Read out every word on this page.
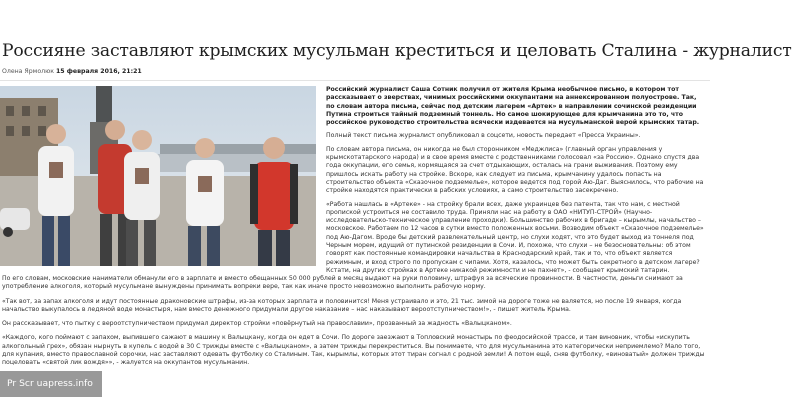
Россияне заставляют крымских мусульман креститься и целовать Сталина - журналист
Олена Ярмолюк 15 февраля 2016, 21:21

Российский журналист Саша Сотник получил от жителя Крыма необычное письмо, в котором тот рассказывает о зверствах, чинимых российскими оккупантами на аннексированном полуострове. Так, по словам автора письма, сейчас под детским лагерем «Артек» в направлении сочинской резиденции Путина строиться тайный подземный тоннель. Но самое шокирующее для крымчанина это то, что российское руководство строительства всячески издевается на мусульманской верой крымских татар.

Полный текст письма журналист опубликовал в соцсети, новость передает «Пресса Украины».

По словам автора письма, он никогда не был сторонником «Меджлиса» (главный орган управления у крымскотатарского народа) и в свое время вместе с родственниками голосовал «за Россию». Однако спустя два года оккупации, его семья, кормящаяся за счет отдыхающих, осталась на грани выживания. Поэтому ему пришлось искать работу на стройке. Вскоре, как следует из письма, крымчанину удалось попасть на строительство объекта «Сказочное подземелье», которое ведется под горой Аю-Даг. Выяснилось, что рабочие на стройке находятся практически в рабских условиях, а само строительство засекречено.

«Работа нашлась в «Артеке» - на стройку брали всех, даже украинцев без патента, так что нам, с местной пропиской устроиться не составило труда. Приняли нас на работу в ОАО «НИТУП-СТРОЙ» (Научно-исследовательско-техническое управление проходки). Большинство рабочих в бригаде – кырымлы, начальство – московское. Работаем по 12 часов в сутки вместо положенных восьми. Возводим объект «Сказочное подземелье» под Аю-Дагом. Вроде бы детский развлекательный центр, но слухи ходят, что это будет выход из тоннеля под Черным морем, идущий от путинской резиденции в Сочи. И, похоже, что слухи – не безосновательны: об этом говорят как постоянные командировки начальства в Краснодарский край, так и то, что объект является режимным, и вход строго по пропускам с чипами. Хотя, казалось, что может быть секретного в детском лагере? Кстати, на других стройках в Артеке никакой режимности и не пахнет», - сообщает крымский татарин.

По его словам, московские наниматели обманули его в зарплате и вместо обещанных 50 000 рублей в месяц выдают на руки половину, штрафуя за всяческие провинности. В частности, деньги снимают за употребление алкоголя, который мусульмане вынуждены принимать вопреки вере, так как иначе просто невозможно выполнить рабочую норму.

«Так вот, за запах алкоголя и идут постоянные драконовские штрафы, из-за которых зарплата и половинится! Меня устраивало и это, 21 тыс. зимой на дороге тоже не валяется, но после 19 января, когда начальство выкупалось в ледяной воде монастыря, нам вместо денежного придумали другое наказание – нас наказывают вероотступничеством!», - пишет житель Крыма.

Он рассказывает, что пытку с вероотступничеством придумал директор стройки «повёрнутый на православии», прозванный за жадность «Валыцканом».

«Каждого, кого поймают с запахом, выпившего сажают в машину к Валыцкану, когда он едет в Сочи. По дороге заезжают в Топловский монастырь по феодосийской трассе, и там виновник, чтобы «искупить алкогольный грех», обязан нырнуть в купель с водой в 30 С трижды вместе с «Валыцканом», а затем трижды перекреститься. Вы понимаете, что для мусульманина это категорически неприемлемо? Мало того, для купания, вместо православной сорочки, нас заставляют одевать футболку со Сталиным. Так, кырымлы, которых этот тиран согнал с родной земли! А потом ещё, сняв футболку, «виноватый» должен трижды поцеловать «святой лик вождя»», - жалуется на оккупантов мусульманин.

Pr Scr uapress.info
